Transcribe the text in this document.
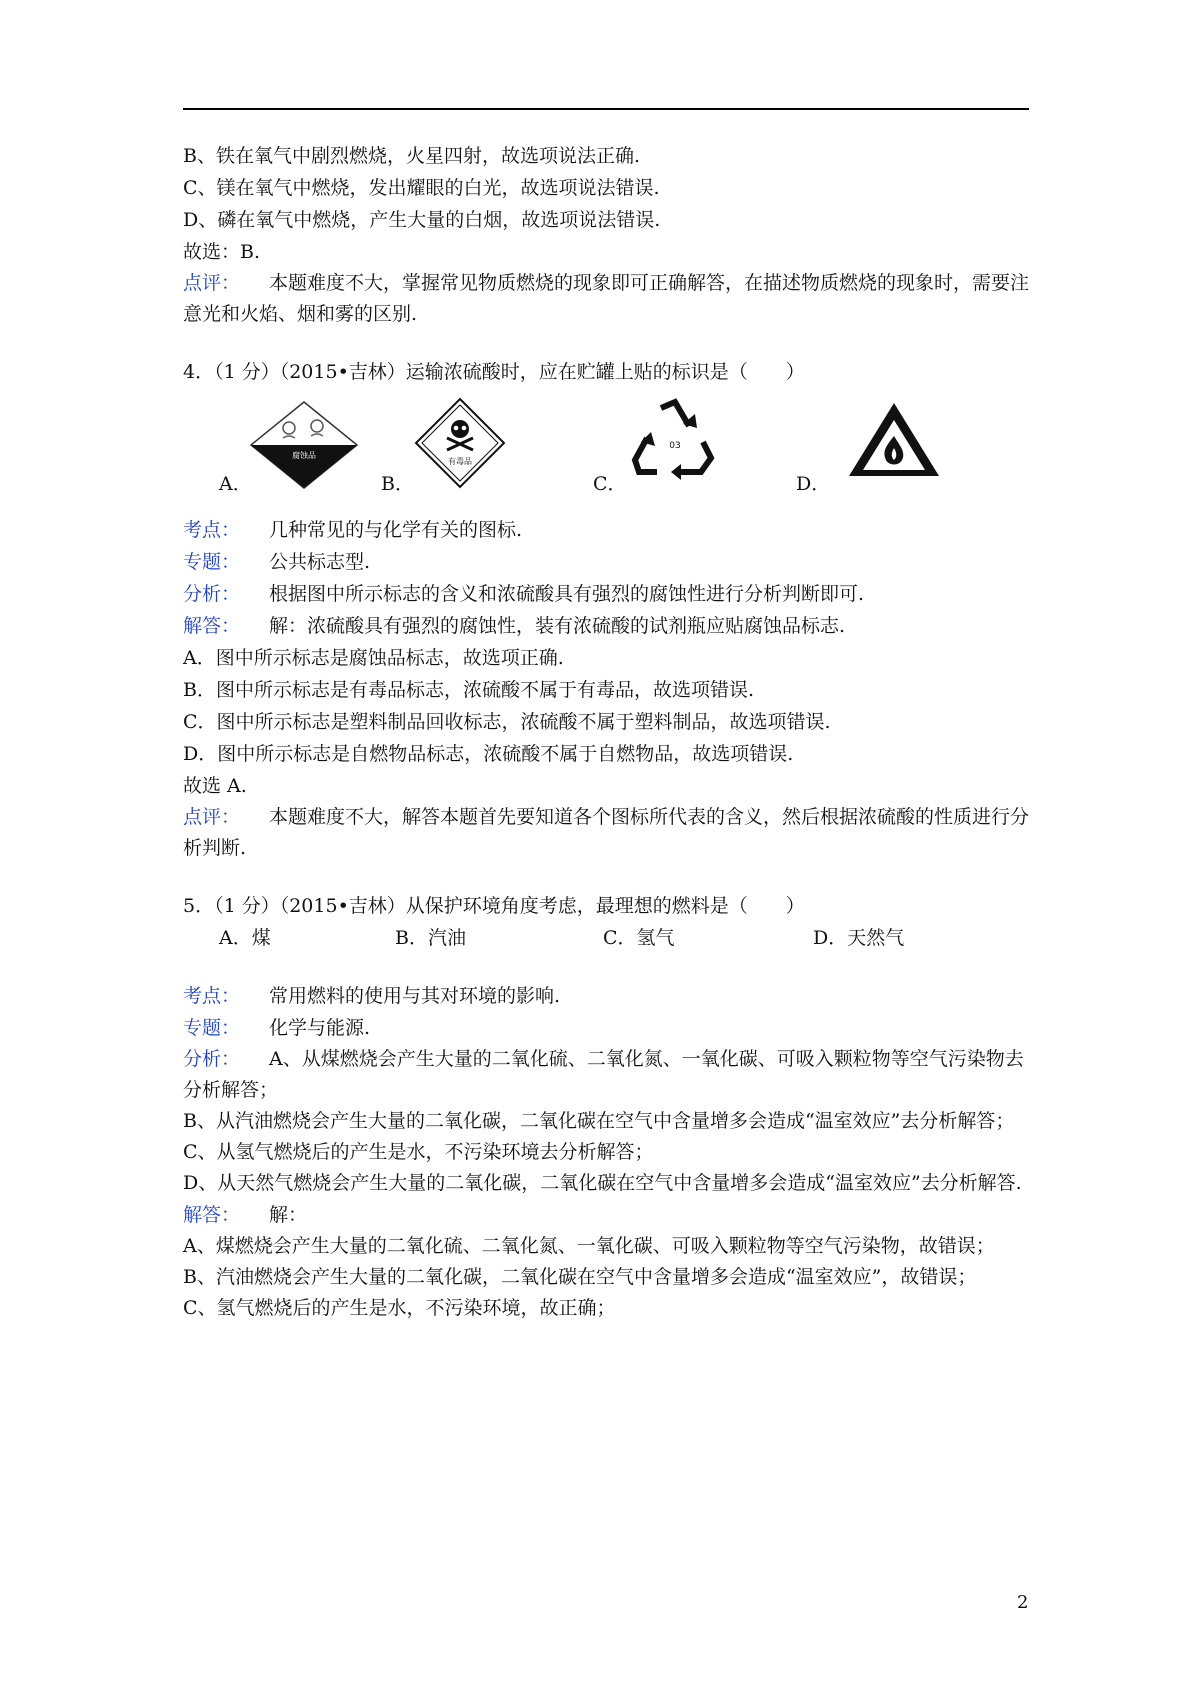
B、铁在氧气中剧烈燃烧，火星四射，故选项说法正确.
C、镁在氧气中燃烧，发出耀眼的白光，故选项说法错误.
D、磷在氧气中燃烧，产生大量的白烟，故选项说法错误.
故选：B.
点评： 本题难度不大，掌握常见物质燃烧的现象即可正确解答，在描述物质燃烧的现象时，需要注意光和火焰、烟和雾的区别.
4．（1 分）（2015•吉林）运输浓硫酸时，应在贮罐上贴的标识是（　　）
A．
腐蚀品
B．
有毒品
C．
03
D．
考点： 几种常见的与化学有关的图标.
专题： 公共标志型.
分析： 根据图中所示标志的含义和浓硫酸具有强烈的腐蚀性进行分析判断即可.
解答： 解：浓硫酸具有强烈的腐蚀性，装有浓硫酸的试剂瓶应贴腐蚀品标志.
A．图中所示标志是腐蚀品标志，故选项正确.
B．图中所示标志是有毒品标志，浓硫酸不属于有毒品，故选项错误.
C．图中所示标志是塑料制品回收标志，浓硫酸不属于塑料制品，故选项错误.
D．图中所示标志是自燃物品标志，浓硫酸不属于自燃物品，故选项错误.
故选 A.
点评： 本题难度不大，解答本题首先要知道各个图标所代表的含义，然后根据浓硫酸的性质进行分析判断.
5．（1 分）（2015•吉林）从保护环境角度考虑，最理想的燃料是（　　）
A．煤	B．汽油	C．氢气	D．天然气
考点： 常用燃料的使用与其对环境的影响.
专题： 化学与能源.
分析： A、从煤燃烧会产生大量的二氧化硫、二氧化氮、一氧化碳、可吸入颗粒物等空气污染物去分析解答；
B、从汽油燃烧会产生大量的二氧化碳，二氧化碳在空气中含量增多会造成“温室效应”去分析解答；
C、从氢气燃烧后的产生是水，不污染环境去分析解答；
D、从天然气燃烧会产生大量的二氧化碳，二氧化碳在空气中含量增多会造成“温室效应”去分析解答.
解答： 解：
A、煤燃烧会产生大量的二氧化硫、二氧化氮、一氧化碳、可吸入颗粒物等空气污染物，故错误；
B、汽油燃烧会产生大量的二氧化碳，二氧化碳在空气中含量增多会造成“温室效应”，故错误；
C、氢气燃烧后的产生是水，不污染环境，故正确；
2
